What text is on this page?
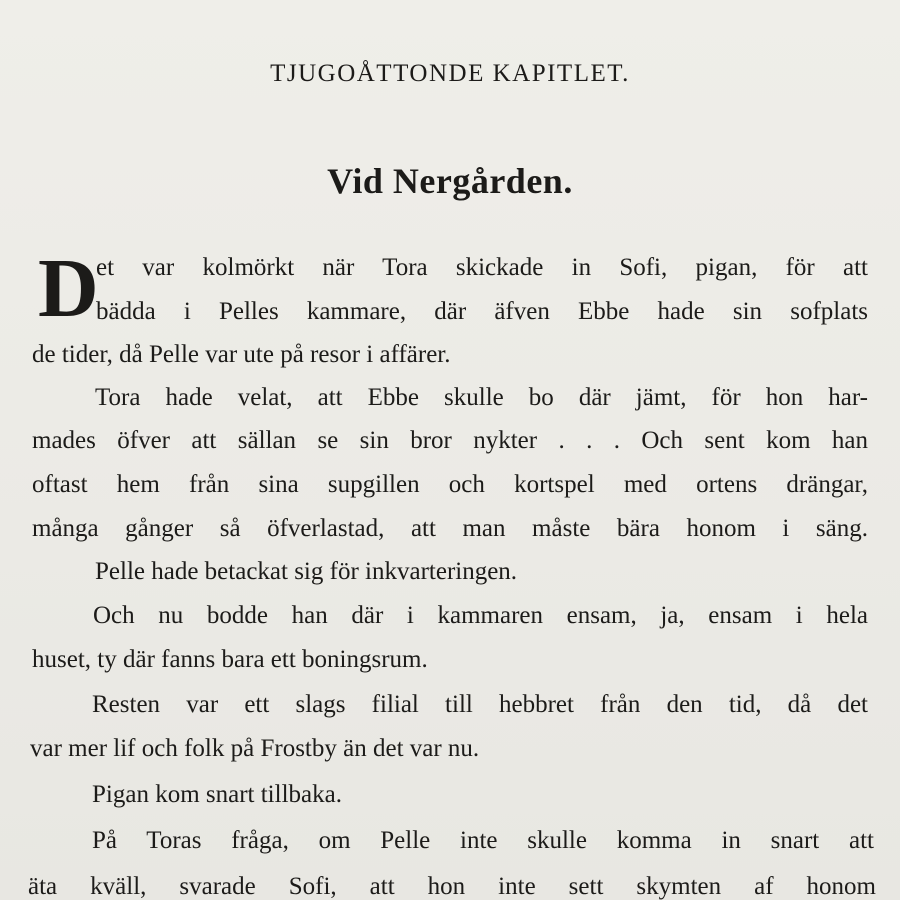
TJUGOÅTTONDE KAPITLET.
Vid Nergården.
D
et var kolmörkt när Tora skickade in Sofi, pigan, för att
bädda i Pelles kammare, där äfven Ebbe hade sin sofplats
de tider, då Pelle var ute på resor i affärer.
Tora hade velat, att Ebbe skulle bo där jämt, för hon har-
mades öfver att sällan se sin bror nykter . . . Och sent kom han
oftast hem från sina supgillen och kortspel med ortens drängar,
många gånger så öfverlastad, att man måste bära honom i säng.
Pelle hade betackat sig för inkvarteringen.
Och nu bodde han där i kammaren ensam, ja, ensam i hela
huset, ty där fanns bara ett boningsrum.
Resten var ett slags filial till hebbret från den tid, då det
var mer lif och folk på Frostby än det var nu.
Pigan kom snart tillbaka.
På Toras fråga, om Pelle inte skulle komma in snart att
äta kväll, svarade Sofi, att hon inte sett skymten af honom
